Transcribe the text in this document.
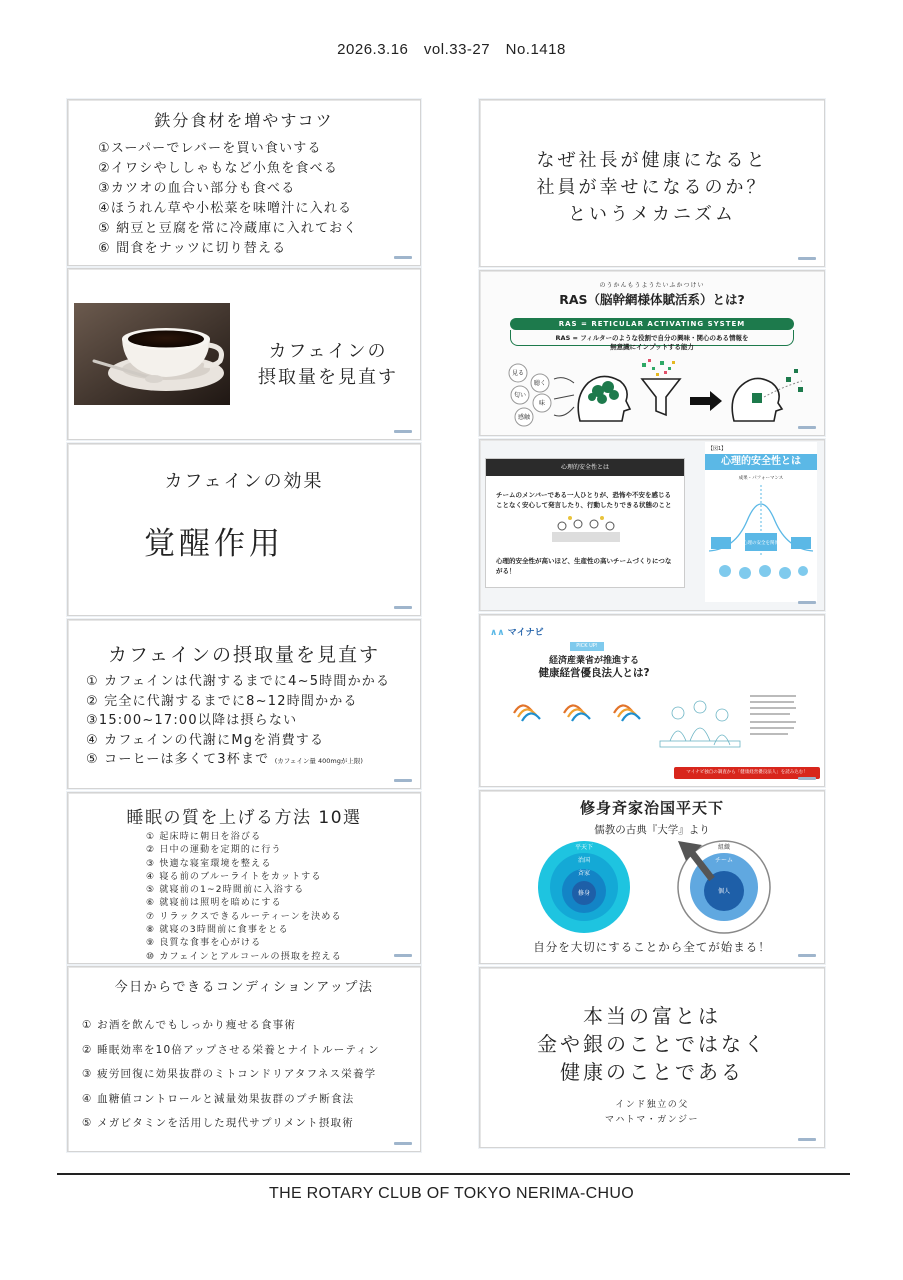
2026.3.16　vol.33-27　No.1418
鉄分食材を増やすコツ
①スーパーでレバーを買い食いする
②イワシやししゃもなど小魚を食べる
③カツオの血合い部分も食べる
④ほうれん草や小松菜を味噌汁に入れる
⑤ 納豆と豆腐を常に冷蔵庫に入れておく
⑥ 間食をナッツに切り替える
カフェインの
摂取量を見直す
カフェインの効果
覚醒作用
カフェインの摂取量を見直す
① カフェインは代謝するまでに4~5時間かかる
② 完全に代謝するまでに8~12時間かかる
③15:00~17:00以降は摂らない
④ カフェインの代謝にMgを消費する
⑤ コーヒーは多くて3杯まで (カフェイン量 400mgが上限)
睡眠の質を上げる方法 10選
① 起床時に朝日を浴びる
② 日中の運動を定期的に行う
③ 快適な寝室環境を整える
④ 寝る前のブルーライトをカットする
⑤ 就寝前の1~2時間前に入浴する
⑥ 就寝前は照明を暗めにする
⑦ リラックスできるルーティーンを決める
⑧ 就寝の3時間前に食事をとる
⑨ 良質な食事を心がける
⑩ カフェインとアルコールの摂取を控える
今日からできるコンディションアップ法
① お酒を飲んでもしっかり痩せる食事術
② 睡眠効率を10倍アップさせる栄養とナイトルーティン
③ 疲労回復に効果抜群のミトコンドリアタフネス栄養学
④ 血糖値コントロールと減量効果抜群のプチ断食法
⑤ メガビタミンを活用した現代サプリメント摂取術
なぜ社長が健康になると
社員が幸せになるのか？
というメカニズム
のうかんもうようたいふかつけい
RAS（脳幹網様体賦活系）とは?
RAS = RETICULAR ACTIVATING SYSTEM
RAS = フィルターのような役割で自分の興味・関心のある情報を
無意識にインプットする能力
見る
聴く
匂い
味
感触
心理的安全性とは
チームのメンバーである一人ひとりが、恐怖や不安を感じることなく安心して発言したり、行動したりできる状態のこと
心理的安全性が高いほど、生産性の高いチームづくりにつながる！
【図1】
心理的安全性とは
成果・パフォーマンス
心理の安全を関係
∧∧ マイナビ
PICK UP!
経済産業省が推進する
健康経営優良法人とは?
マイナビ独自の調査から「健康経営優良法人」を読み込む！
修身斉家治国平天下
儒教の古典『大学』より
平天下
治国
斉家
修身
組織
チーム
個人
自分を大切にすることから全てが始まる！
本当の富とは
金や銀のことではなく
健康のことである
インド独立の父
マハトマ・ガンジー
THE ROTARY CLUB OF TOKYO NERIMA-CHUO
